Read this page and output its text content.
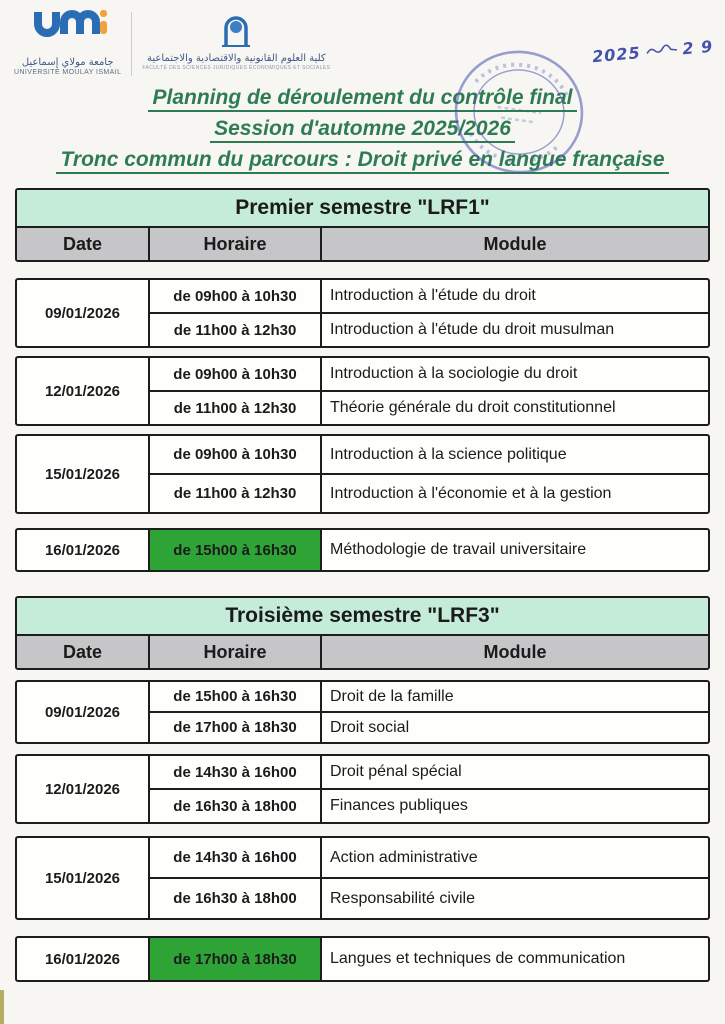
جامعة مولاي إسماعيل
UNIVERSITÉ MOULAY ISMAIL
كلية العلوم القانونية والاقتصادية والاجتماعية
FACULTÉ DES SCIENCES JURIDIQUES ÉCONOMIQUES ET SOCIALES
2025	2 9
Planning de déroulement du contrôle final
Session d'automne 2025/2026
Tronc commun du parcours : Droit privé en langue française
Premier semestre "LRF1"
Date	Horaire	Module
09/01/2026
de 09h00 à 10h30	Introduction à l'étude du droit
de 11h00 à 12h30	Introduction à l'étude du droit musulman
12/01/2026
de 09h00 à 10h30	Introduction à la sociologie du droit
de 11h00 à 12h30	Théorie générale du droit constitutionnel
15/01/2026
de 09h00 à 10h30	Introduction à la science politique
de 11h00 à 12h30	Introduction à l'économie et à la gestion
16/01/2026	de 15h00 à 16h30	Méthodologie de travail universitaire
Troisième semestre "LRF3"
Date	Horaire	Module
09/01/2026
de 15h00 à 16h30	Droit de la famille
de 17h00 à 18h30	Droit social
12/01/2026
de 14h30 à 16h00	Droit pénal spécial
de 16h30 à 18h00	Finances publiques
15/01/2026
de 14h30 à 16h00	Action administrative
de 16h30 à 18h00	Responsabilité civile
16/01/2026	de 17h00 à 18h30	Langues et techniques de communication
